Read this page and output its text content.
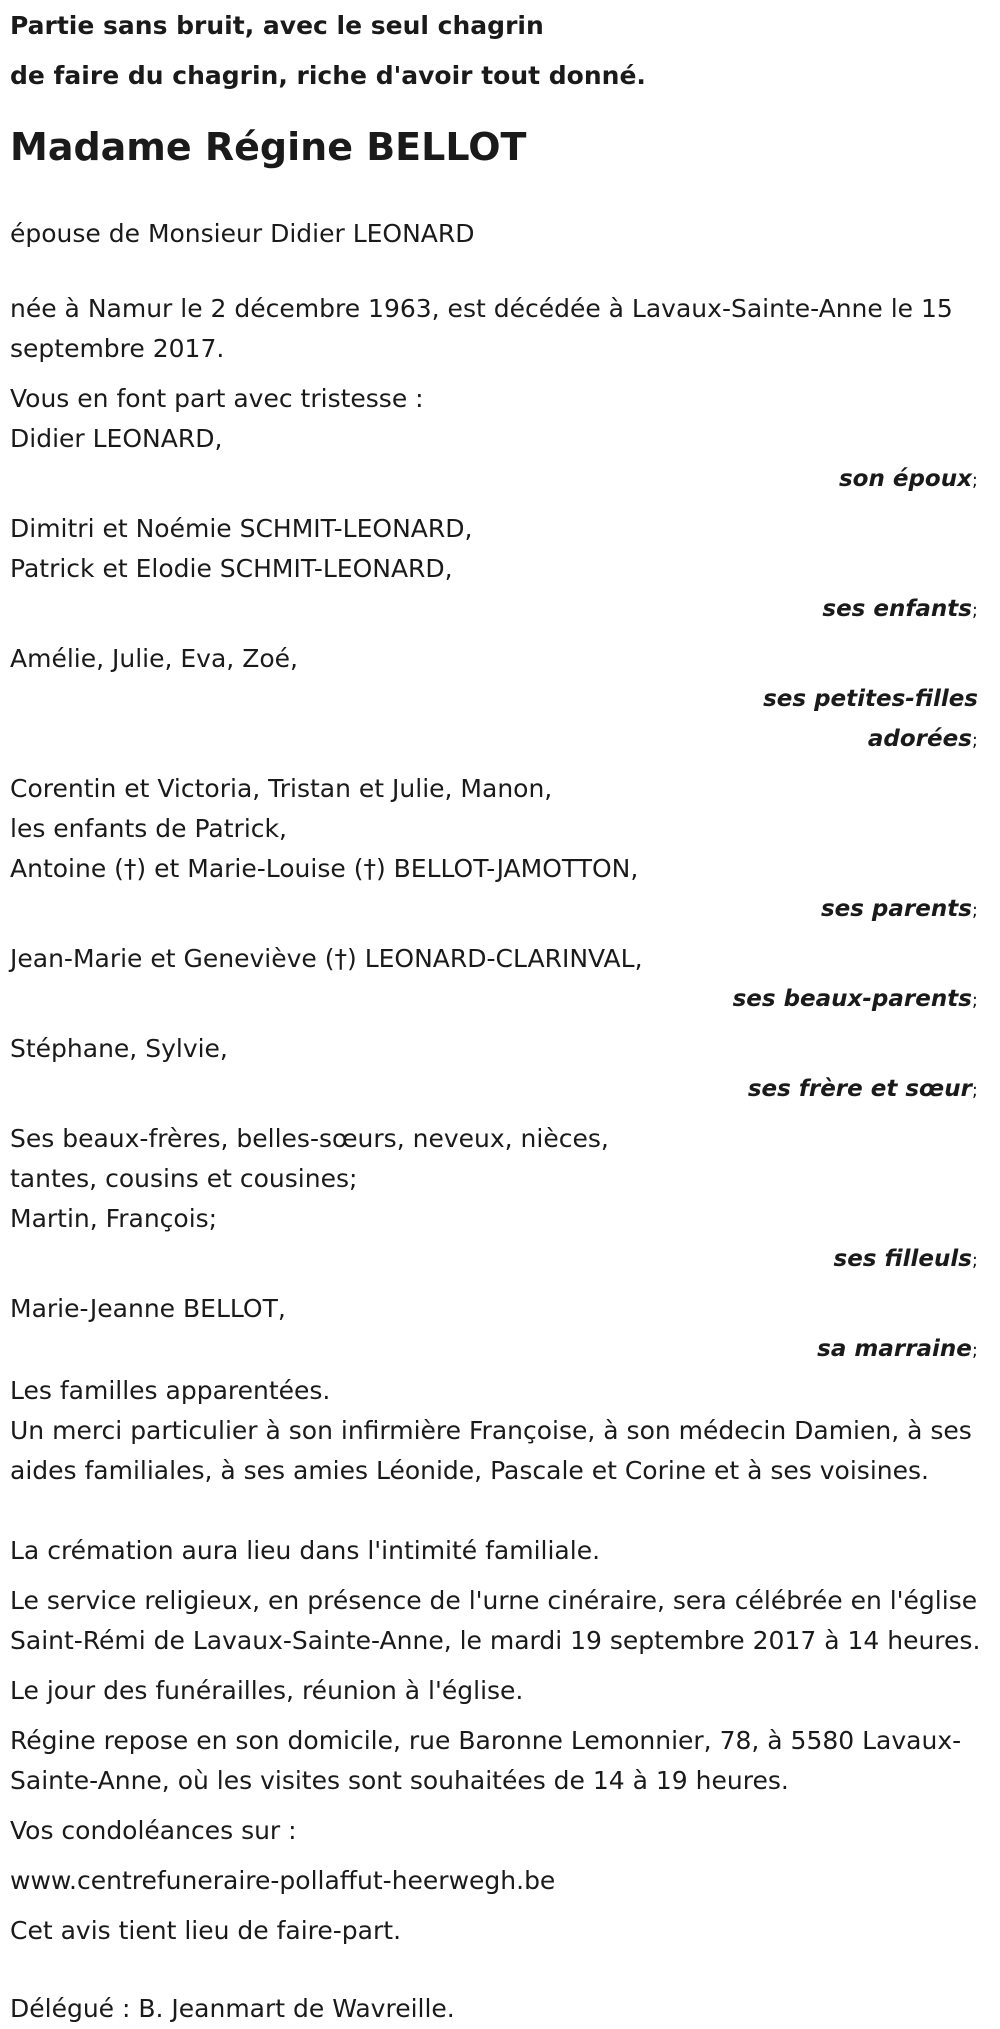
Partie sans bruit, avec le seul chagrin

de faire du chagrin, riche d'avoir tout donné.

Madame Régine BELLOT

épouse de Monsieur Didier LEONARD

née à Namur le 2 décembre 1963, est décédée à Lavaux-Sainte-Anne le 15 septembre 2017.

Vous en font part avec tristesse :

Didier LEONARD,

son époux;

Dimitri et Noémie SCHMIT-LEONARD,

Patrick et Elodie SCHMIT-LEONARD,

ses enfants;

Amélie, Julie, Eva, Zoé,

ses petites-filles
adorées;

Corentin et Victoria, Tristan et Julie, Manon,

les enfants de Patrick,

Antoine (†) et Marie-Louise (†) BELLOT-JAMOTTON,

ses parents;

Jean-Marie et Geneviève (†) LEONARD-CLARINVAL,

ses beaux-parents;

Stéphane, Sylvie,

ses frère et sœur;

Ses beaux-frères, belles-sœurs, neveux, nièces,

tantes, cousins et cousines;

Martin, François;

ses filleuls;

Marie-Jeanne BELLOT,

sa marraine;

Les familles apparentées.

Un merci particulier à son infirmière Françoise, à son médecin Damien, à ses aides familiales, à ses amies Léonide, Pascale et Corine et à ses voisines.

La crémation aura lieu dans l'intimité familiale.

Le service religieux, en présence de l'urne cinéraire, sera célébrée en l'église Saint-Rémi de Lavaux-Sainte-Anne, le mardi 19 septembre 2017 à 14 heures.

Le jour des funérailles, réunion à l'église.

Régine repose en son domicile, rue Baronne Lemonnier, 78, à 5580 Lavaux-Sainte-Anne, où les visites sont souhaitées de 14 à 19 heures.

Vos condoléances sur :

www.centrefuneraire-pollaffut-heerwegh.be

Cet avis tient lieu de faire-part.

Délégué : B. Jeanmart de Wavreille.
